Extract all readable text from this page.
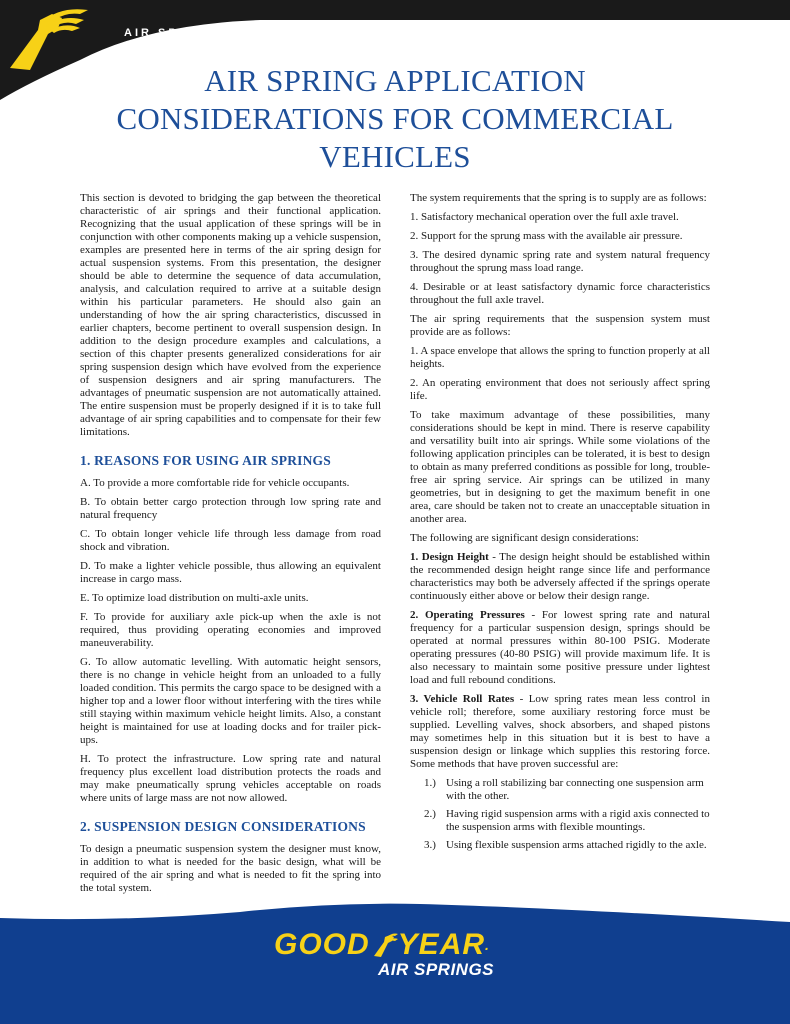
AIR SPRINGS
AIR SPRING APPLICATION
CONSIDERATIONS FOR COMMERCIAL
VEHICLES

This section is devoted to bridging the gap between the theoretical characteristic of air springs and their functional application. Recognizing that the usual application of these springs will be in conjunction with other components making up a vehicle suspension, examples are presented here in terms of the air spring design for actual suspension systems. From this presentation, the designer should be able to determine the sequence of data accumulation, analysis, and calculation required to arrive at a suitable design within his particular parameters. He should also gain an understanding of how the air spring characteristics, discussed in earlier chapters, become pertinent to overall suspension design. In addition to the design procedure examples and calculations, a section of this chapter presents generalized considerations for air spring suspension design which have evolved from the experience of suspension designers and air spring manufacturers. The advantages of pneumatic suspension are not automatically attained. The entire suspension must be properly designed if it is to take full advantage of air spring capabilities and to compensate for their few limitations.

1. REASONS FOR USING AIR SPRINGS

A. To provide a more comfortable ride for vehicle occupants.

B. To obtain better cargo protection through low spring rate and natural frequency

C. To obtain longer vehicle life through less damage from road shock and vibration.

D. To make a lighter vehicle possible, thus allowing an equivalent increase in cargo mass.

E. To optimize load distribution on multi-axle units.

F. To provide for auxiliary axle pick-up when the axle is not required, thus providing operating economies and improved maneuverability.

G. To allow automatic levelling. With automatic height sensors, there is no change in vehicle height from an unloaded to a fully loaded condition. This permits the cargo space to be designed with a higher top and a lower floor without interfering with the tires while still staying within maximum vehicle height limits. Also, a constant height is maintained for use at loading docks and for trailer pick-ups.

H. To protect the infrastructure. Low spring rate and natural frequency plus excellent load distribution protects the roads and may make pneumatically sprung vehicles acceptable on roads where units of large mass are not now allowed.

2. SUSPENSION DESIGN CONSIDERATIONS

To design a pneumatic suspension system the designer must know, in addition to what is needed for the basic design, what will be required of the air spring and what is needed to fit the spring into the total system.

The system requirements that the spring is to supply are as follows:

1. Satisfactory mechanical operation over the full axle travel.

2. Support for the sprung mass with the available air pressure.

3. The desired dynamic spring rate and system natural frequency throughout the sprung mass load range.

4. Desirable or at least satisfactory dynamic force characteristics throughout the full axle travel.

The air spring requirements that the suspension system must provide are as follows:

1. A space envelope that allows the spring to function properly at all heights.

2. An operating environment that does not seriously affect spring life.

To take maximum advantage of these possibilities, many considerations should be kept in mind. There is reserve capability and versatility built into air springs. While some violations of the following application principles can be tolerated, it is best to design to obtain as many preferred conditions as possible for long, trouble-free air spring service. Air springs can be utilized in many geometries, but in designing to get the maximum benefit in one area, care should be taken not to create an unacceptable situation in another area.

The following are significant design considerations:

1. Design Height - The design height should be established within the recommended design height range since life and performance characteristics may both be adversely affected if the springs operate continuously either above or below their design range.

2. Operating Pressures - For lowest spring rate and natural frequency for a particular suspension design, springs should be operated at normal pressures within 80-100 PSIG. Moderate operating pressures (40-80 PSIG) will provide maximum life. It is also necessary to maintain some positive pressure under lightest load and full rebound conditions.

3. Vehicle Roll Rates - Low spring rates mean less control in vehicle roll; therefore, some auxiliary restoring force must be supplied. Levelling valves, shock absorbers, and shaped pistons may sometimes help in this situation but it is best to have a suspension design or linkage which supplies this restoring force. Some methods that have proven successful are:

1.) Using a roll stabilizing bar connecting one suspension arm with the other.
2.) Having rigid suspension arms with a rigid axis connected to the suspension arms with flexible mountings.
3.) Using flexible suspension arms attached rigidly to the axle.
GOOD YEAR .
AIR SPRINGS
